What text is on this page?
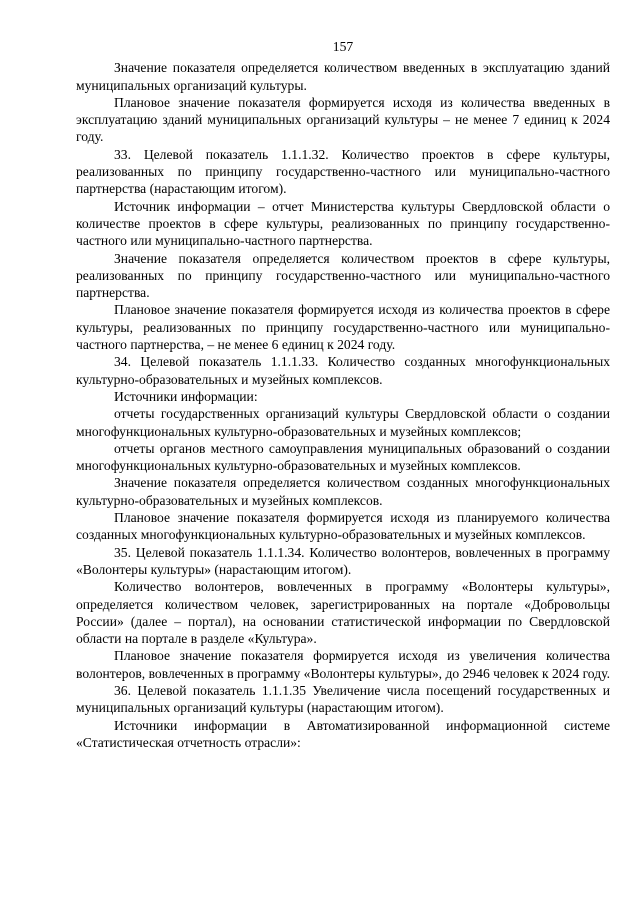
157

Значение показателя определяется количеством введенных в эксплуатацию зданий муниципальных организаций культуры.

Плановое значение показателя формируется исходя из количества введенных в эксплуатацию зданий муниципальных организаций культуры – не менее 7 единиц к 2024 году.

33. Целевой показатель 1.1.1.32. Количество проектов в сфере культуры, реализованных по принципу государственно-частного или муниципально-частного партнерства (нарастающим итогом).

Источник информации – отчет Министерства культуры Свердловской области о количестве проектов в сфере культуры, реализованных по принципу государственно-частного или муниципально-частного партнерства.

Значение показателя определяется количеством проектов в сфере культуры, реализованных по принципу государственно-частного или муниципально-частного партнерства.

Плановое значение показателя формируется исходя из количества проектов в сфере культуры, реализованных по принципу государственно-частного или муниципально-частного партнерства, – не менее 6 единиц к 2024 году.

34. Целевой показатель 1.1.1.33. Количество созданных многофункциональных культурно-образовательных и музейных комплексов.

Источники информации:

отчеты государственных организаций культуры Свердловской области о создании многофункциональных культурно-образовательных и музейных комплексов;

отчеты органов местного самоуправления муниципальных образований о создании многофункциональных культурно-образовательных и музейных комплексов.

Значение показателя определяется количеством созданных многофункциональных культурно-образовательных и музейных комплексов.

Плановое значение показателя формируется исходя из планируемого количества созданных многофункциональных культурно-образовательных и музейных комплексов.

35. Целевой показатель 1.1.1.34. Количество волонтеров, вовлеченных в программу «Волонтеры культуры» (нарастающим итогом).

Количество волонтеров, вовлеченных в программу «Волонтеры культуры», определяется количеством человек, зарегистрированных на портале «Добровольцы России» (далее – портал), на основании статистической информации по Свердловской области на портале в разделе «Культура».

Плановое значение показателя формируется исходя из увеличения количества волонтеров, вовлеченных в программу «Волонтеры культуры», до 2946 человек к 2024 году.

36. Целевой показатель 1.1.1.35 Увеличение числа посещений государственных и муниципальных организаций культуры (нарастающим итогом).

Источники информации в Автоматизированной информационной системе «Статистическая отчетность отрасли»:
